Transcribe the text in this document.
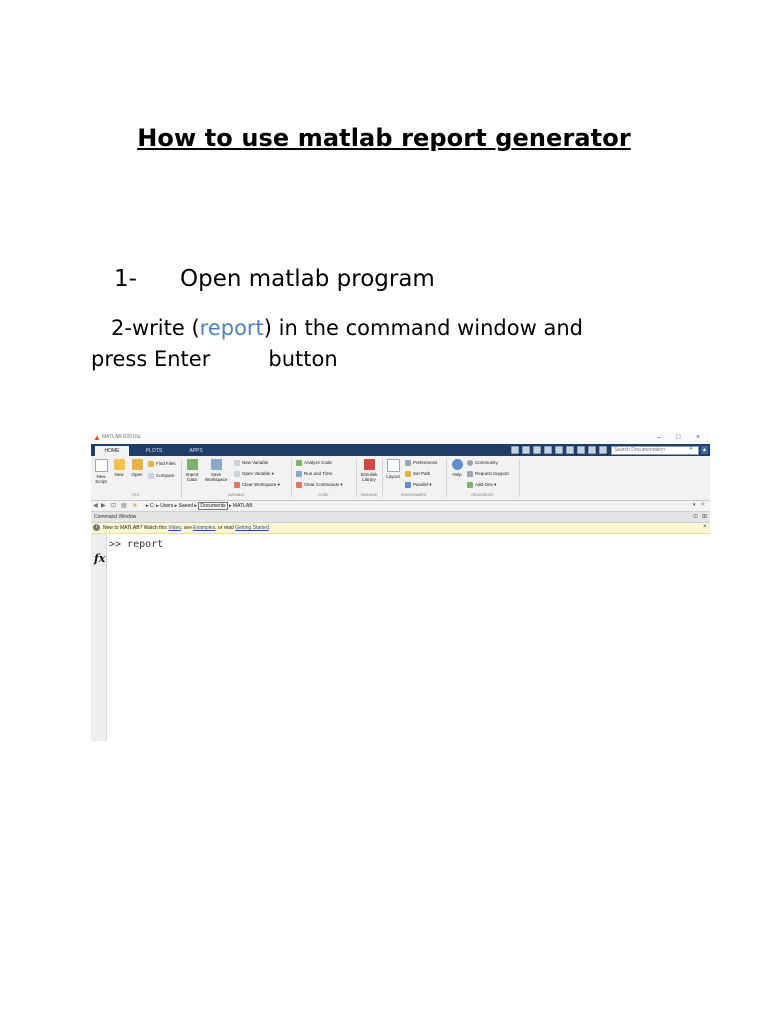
How to use matlab report generator
1- Open matlab program
2-write (report) in the command window and
press Enter	button
▲ MATLAB R2016a	– □ ×
HOME	PLOTS	APPS	Search Documentation	⌕	▴
New Script
New	Open
Find Files
Compare	Import Data
Save Workspace
New Variable
Open Variable ▾
Clear Workspace ▾
Analyze Code
Run and Time
Clear Commands ▾
Simulink Library
Layout
Preferences
Set Path
Parallel ▾
Help
Community
Request Support
Add-Ons ▾
FILE	VARIABLE	CODE	SIMULINK	ENVIRONMENT	RESOURCES
◀ ▶ ⊡ ▤ ■ ▸ C: ▸ Users ▸ Saeed ▸ Documents ▸ MATLAB	▾ ⌕
Command Window	⊙ ⊞
i	New to MATLAB? Watch this Video, see Examples, or read Getting Started.	×
fx
>> report
